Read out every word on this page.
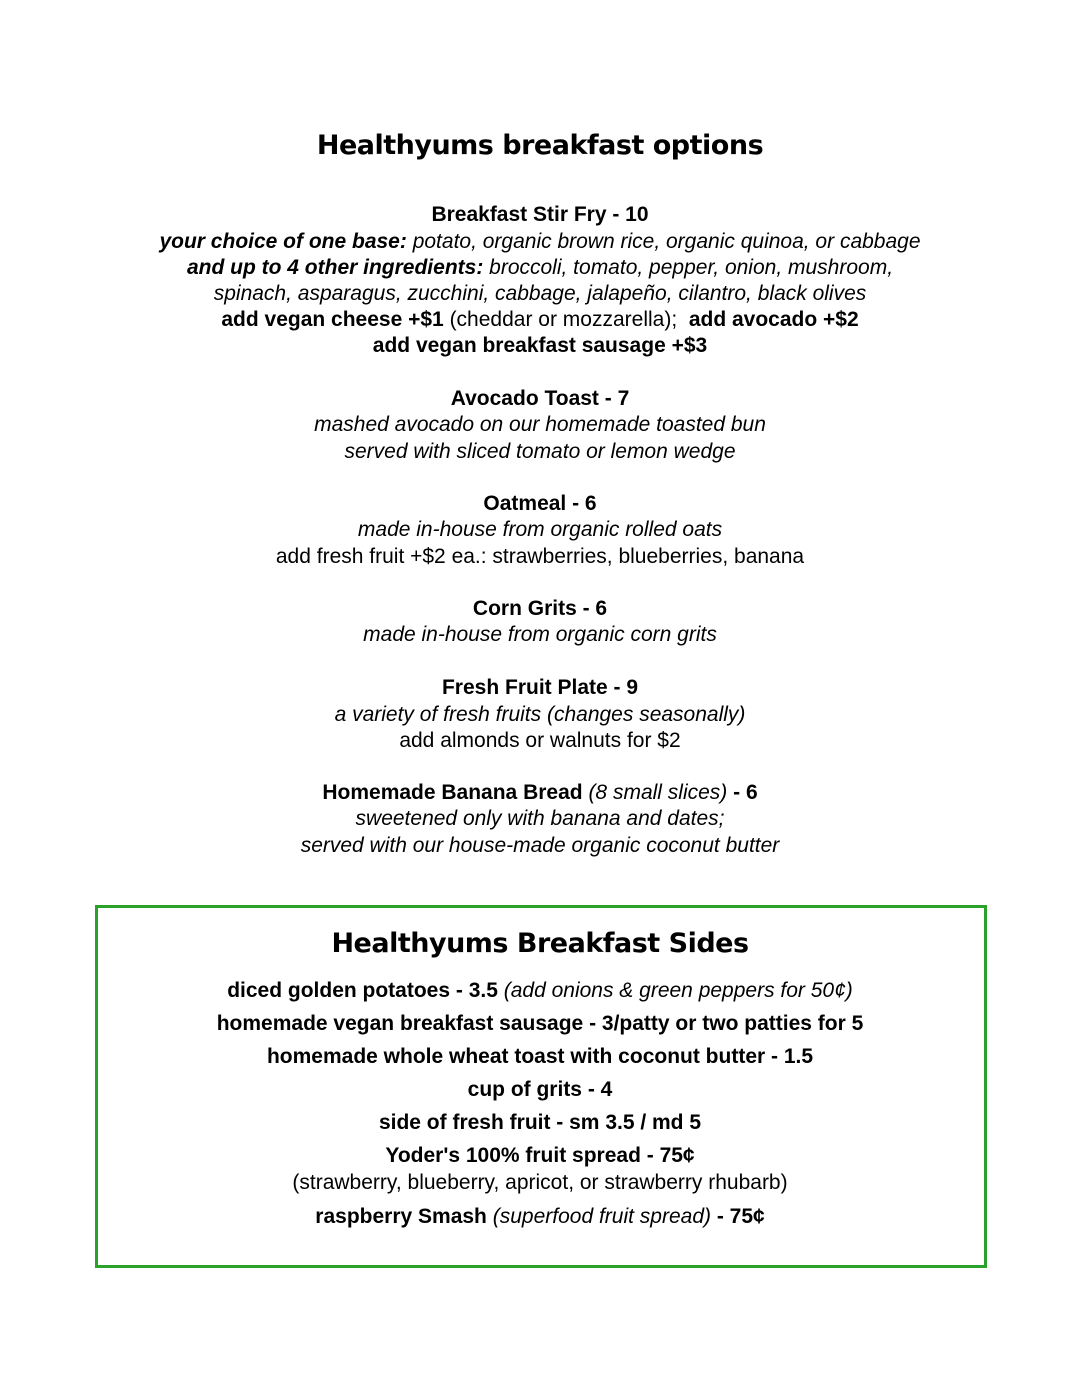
Healthyums breakfast options
Breakfast Stir Fry - 10
your choice of one base: potato, organic brown rice, organic quinoa, or cabbage
and up to 4 other ingredients: broccoli, tomato, pepper, onion, mushroom,
spinach, asparagus, zucchini, cabbage, jalapeño, cilantro, black olives
add vegan cheese +$1 (cheddar or mozzarella); add avocado +$2
add vegan breakfast sausage +$3
Avocado Toast - 7
mashed avocado on our homemade toasted bun
served with sliced tomato or lemon wedge
Oatmeal - 6
made in-house from organic rolled oats
add fresh fruit +$2 ea.: strawberries, blueberries, banana
Corn Grits - 6
made in-house from organic corn grits
Fresh Fruit Plate - 9
a variety of fresh fruits (changes seasonally)
add almonds or walnuts for $2
Homemade Banana Bread (8 small slices) - 6
sweetened only with banana and dates;
served with our house-made organic coconut butter
Healthyums Breakfast Sides
diced golden potatoes - 3.5 (add onions & green peppers for 50¢)
homemade vegan breakfast sausage - 3/patty or two patties for 5
homemade whole wheat toast with coconut butter - 1.5
cup of grits - 4
side of fresh fruit - sm 3.5 / md 5
Yoder's 100% fruit spread - 75¢
(strawberry, blueberry, apricot, or strawberry rhubarb)
raspberry Smash (superfood fruit spread) - 75¢
